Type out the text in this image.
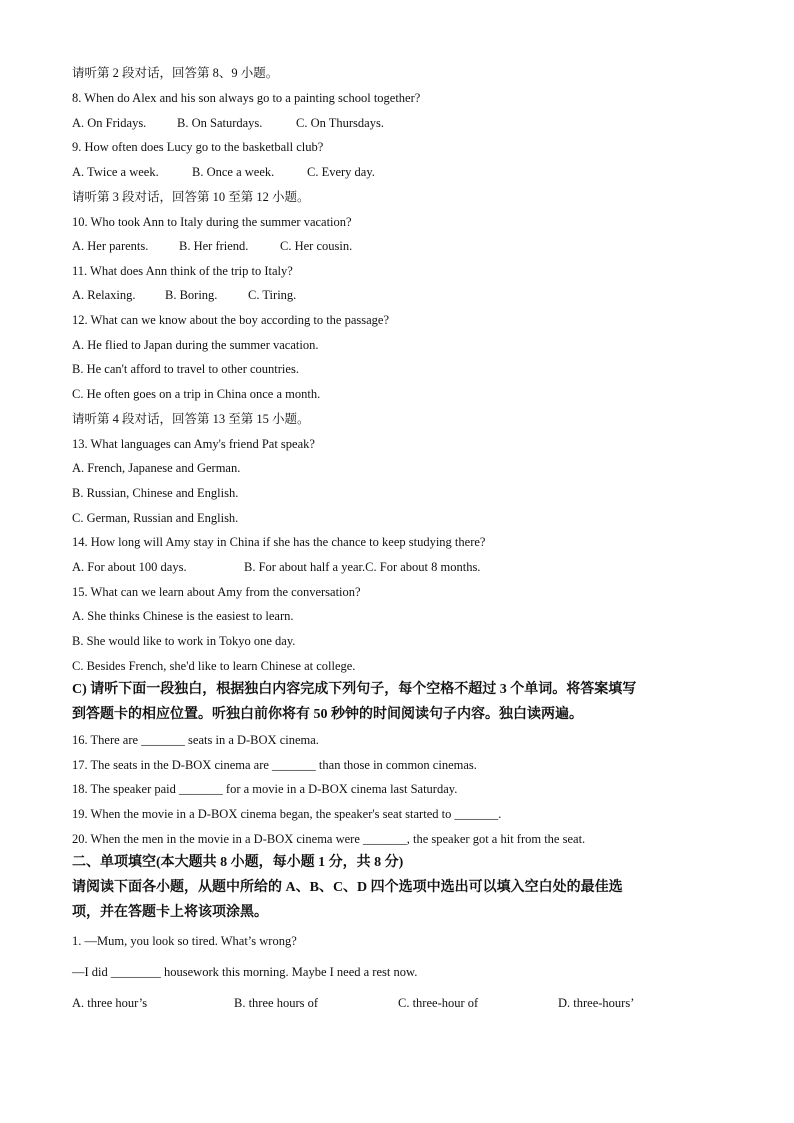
请听第 2 段对话，回答第 8、9 小题。
8. When do Alex and his son always go to a painting school together?
A. On Fridays. B. On Saturdays.	C. On Thursdays.
9. How often does Lucy go to the basketball club?
A. Twice a week.	B. Once a week.	C. Every day.
请听第 3 段对话，回答第 10 至第 12 小题。
10. Who took Ann to Italy during the summer vacation?
A. Her parents. B. Her friend.	C. Her cousin.
11. What does Ann think of the trip to Italy?
A. Relaxing. B. Boring. C. Tiring.
12. What can we know about the boy according to the passage?
A. He flied to Japan during the summer vacation.
B. He can't afford to travel to other countries.
C. He often goes on a trip in China once a month.
请听第 4 段对话，回答第 13 至第 15 小题。
13. What languages can Amy's friend Pat speak?
A. French, Japanese and German.
B. Russian, Chinese and English.
C. German, Russian and English.
14. How long will Amy stay in China if she has the chance to keep studying there?
A. For about 100 days.	B. For about half a year.C. For about 8 months.
15. What can we learn about Amy from the conversation?
A. She thinks Chinese is the easiest to learn.
B. She would like to work in Tokyo one day.
C. Besides French, she'd like to learn Chinese at college.
C) 请听下面一段独白，根据独白内容完成下列句子，每个空格不超过 3 个单词。将答案填写
到答题卡的相应位置。听独白前你将有 50 秒钟的时间阅读句子内容。独白读两遍。
16. There are _______ seats in a D-BOX cinema.
17. The seats in the D-BOX cinema are _______ than those in common cinemas.
18. The speaker paid _______ for a movie in a D-BOX cinema last Saturday.
19. When the movie in a D-BOX cinema began, the speaker's seat started to _______.
20. When the men in the movie in a D-BOX cinema were _______, the speaker got a hit from the seat.
二、单项填空(本大题共 8 小题，每小题 1 分，共 8 分)
请阅读下面各小题，从题中所给的 A、B、C、D 四个选项中选出可以填入空白处的最佳选
项，并在答题卡上将该项涂黑。
1. —Mum, you look so tired. What’s wrong?
—I did ________ housework this morning. Maybe I need a rest now.
A. three hour’s	B. three hours of	C. three-hour of	D. three-hours’
